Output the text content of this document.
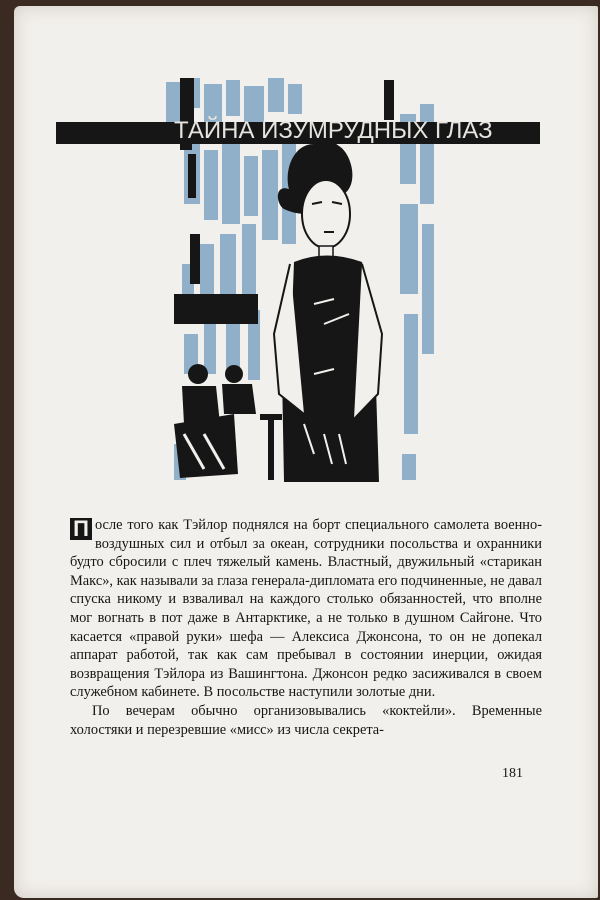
ТАЙНА ИЗУМРУДНЫХ ГЛАЗ

П осле того как Тэйлор поднялся на борт специального самолета военно-воздушных сил и отбыл за океан, сотрудники посольства и охранники будто сбросили с плеч тяжелый камень. Властный, двужильный «старикан Макс», как называли за глаза генерала-дипломата его подчиненные, не давал спуска никому и взваливал на каждого столько обязанностей, что вполне мог вогнать в пот даже в Антарктике, а не только в душном Сайгоне. Что касается «правой руки» шефа — Алексиса Джонсона, то он не допекал аппарат работой, так как сам пребывал в состоянии инерции, ожидая возвращения Тэйлора из Вашингтона. Джонсон редко засиживался в своем служебном кабинете. В посольстве наступили золотые дни.

По вечерам обычно организовывались «коктейли». Временные холостяки и перезревшие «мисс» из числа секрета-

181
